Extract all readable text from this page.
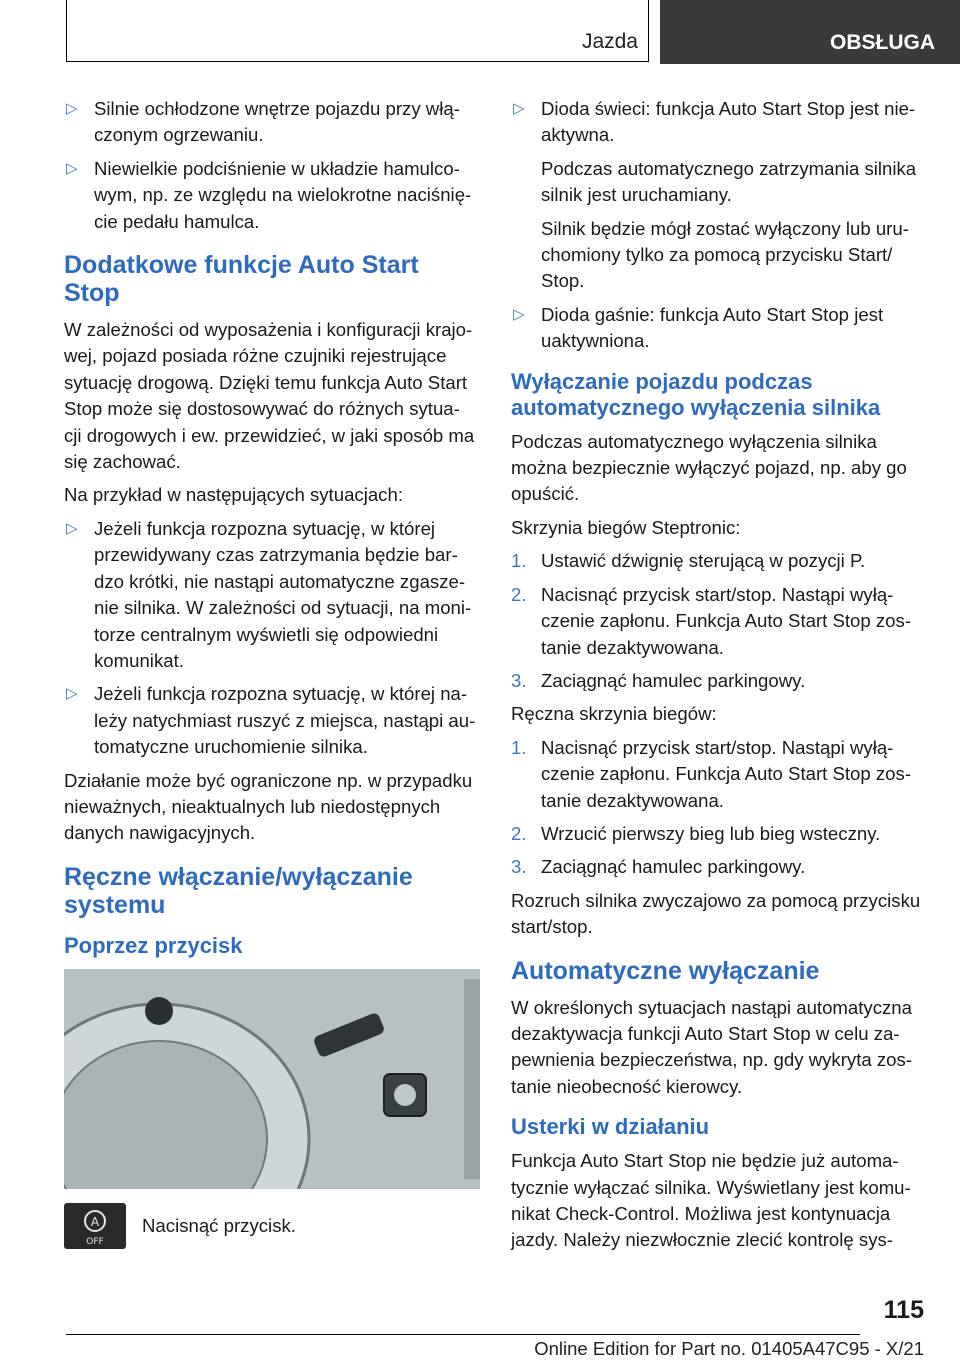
Jazda	OBSŁUGA
▷ Silnie ochłodzone wnętrze pojazdu przy włą- czonym ogrzewaniu.
▷ Niewielkie podciśnienie w układzie hamulco- wym, np. ze względu na wielokrotne naciśnię- cie pedału hamulca.
Dodatkowe funkcje Auto Start Stop

W zależności od wyposażenia i konfiguracji krajo- wej, pojazd posiada różne czujniki rejestrujące sytuację drogową. Dzięki temu funkcja Auto Start Stop może się dostosowywać do różnych sytua- cji drogowych i ew. przewidzieć, w jaki sposób ma się zachować.

Na przykład w następujących sytuacjach:

▷ Jeżeli funkcja rozpozna sytuację, w której przewidywany czas zatrzymania będzie bar- dzo krótki, nie nastąpi automatyczne zgasze- nie silnika. W zależności od sytuacji, na moni- torze centralnym wyświetli się odpowiedni komunikat.
▷ Jeżeli funkcja rozpozna sytuację, w której na- leży natychmiast ruszyć z miejsca, nastąpi au- tomatyczne uruchomienie silnika.

Działanie może być ograniczone np. w przypadku nieważnych, nieaktualnych lub niedostępnych danych nawigacyjnych.

Ręczne włączanie/wyłączanie systemu
Poprzez przycisk
A
OFF
Nacisnąć przycisk.
▷ Dioda świeci: funkcja Auto Start Stop jest nie- aktywna.
Podczas automatycznego zatrzymania silnika silnik jest uruchamiany.
Silnik będzie mógł zostać wyłączony lub uru- chomiony tylko za pomocą przycisku Start/ Stop.
▷ Dioda gaśnie: funkcja Auto Start Stop jest uaktywniona.
Wyłączanie pojazdu podczas automatycznego wyłączenia silnika

Podczas automatycznego wyłączenia silnika można bezpiecznie wyłączyć pojazd, np. aby go opuścić.

Skrzynia biegów Steptronic:

1. Ustawić dźwignię sterującą w pozycji P.
2. Nacisnąć przycisk start/stop. Nastąpi wyłą- czenie zapłonu. Funkcja Auto Start Stop zos- tanie dezaktywowana.
3. Zaciągnąć hamulec parkingowy.

Ręczna skrzynia biegów:

1. Nacisnąć przycisk start/stop. Nastąpi wyłą- czenie zapłonu. Funkcja Auto Start Stop zos- tanie dezaktywowana.
2. Wrzucić pierwszy bieg lub bieg wsteczny.
3. Zaciągnąć hamulec parkingowy.

Rozruch silnika zwyczajowo za pomocą przycisku start/stop.

Automatyczne wyłączanie

W określonych sytuacjach nastąpi automatyczna dezaktywacja funkcji Auto Start Stop w celu za- pewnienia bezpieczeństwa, np. gdy wykryta zos- tanie nieobecność kierowcy.

Usterki w działaniu

Funkcja Auto Start Stop nie będzie już automa- tycznie wyłączać silnika. Wyświetlany jest komu- nikat Check-Control. Możliwa jest kontynuacja jazdy. Należy niezwłocznie zlecić kontrolę sys-

115
Online Edition for Part no. 01405A47C95 - X/21
